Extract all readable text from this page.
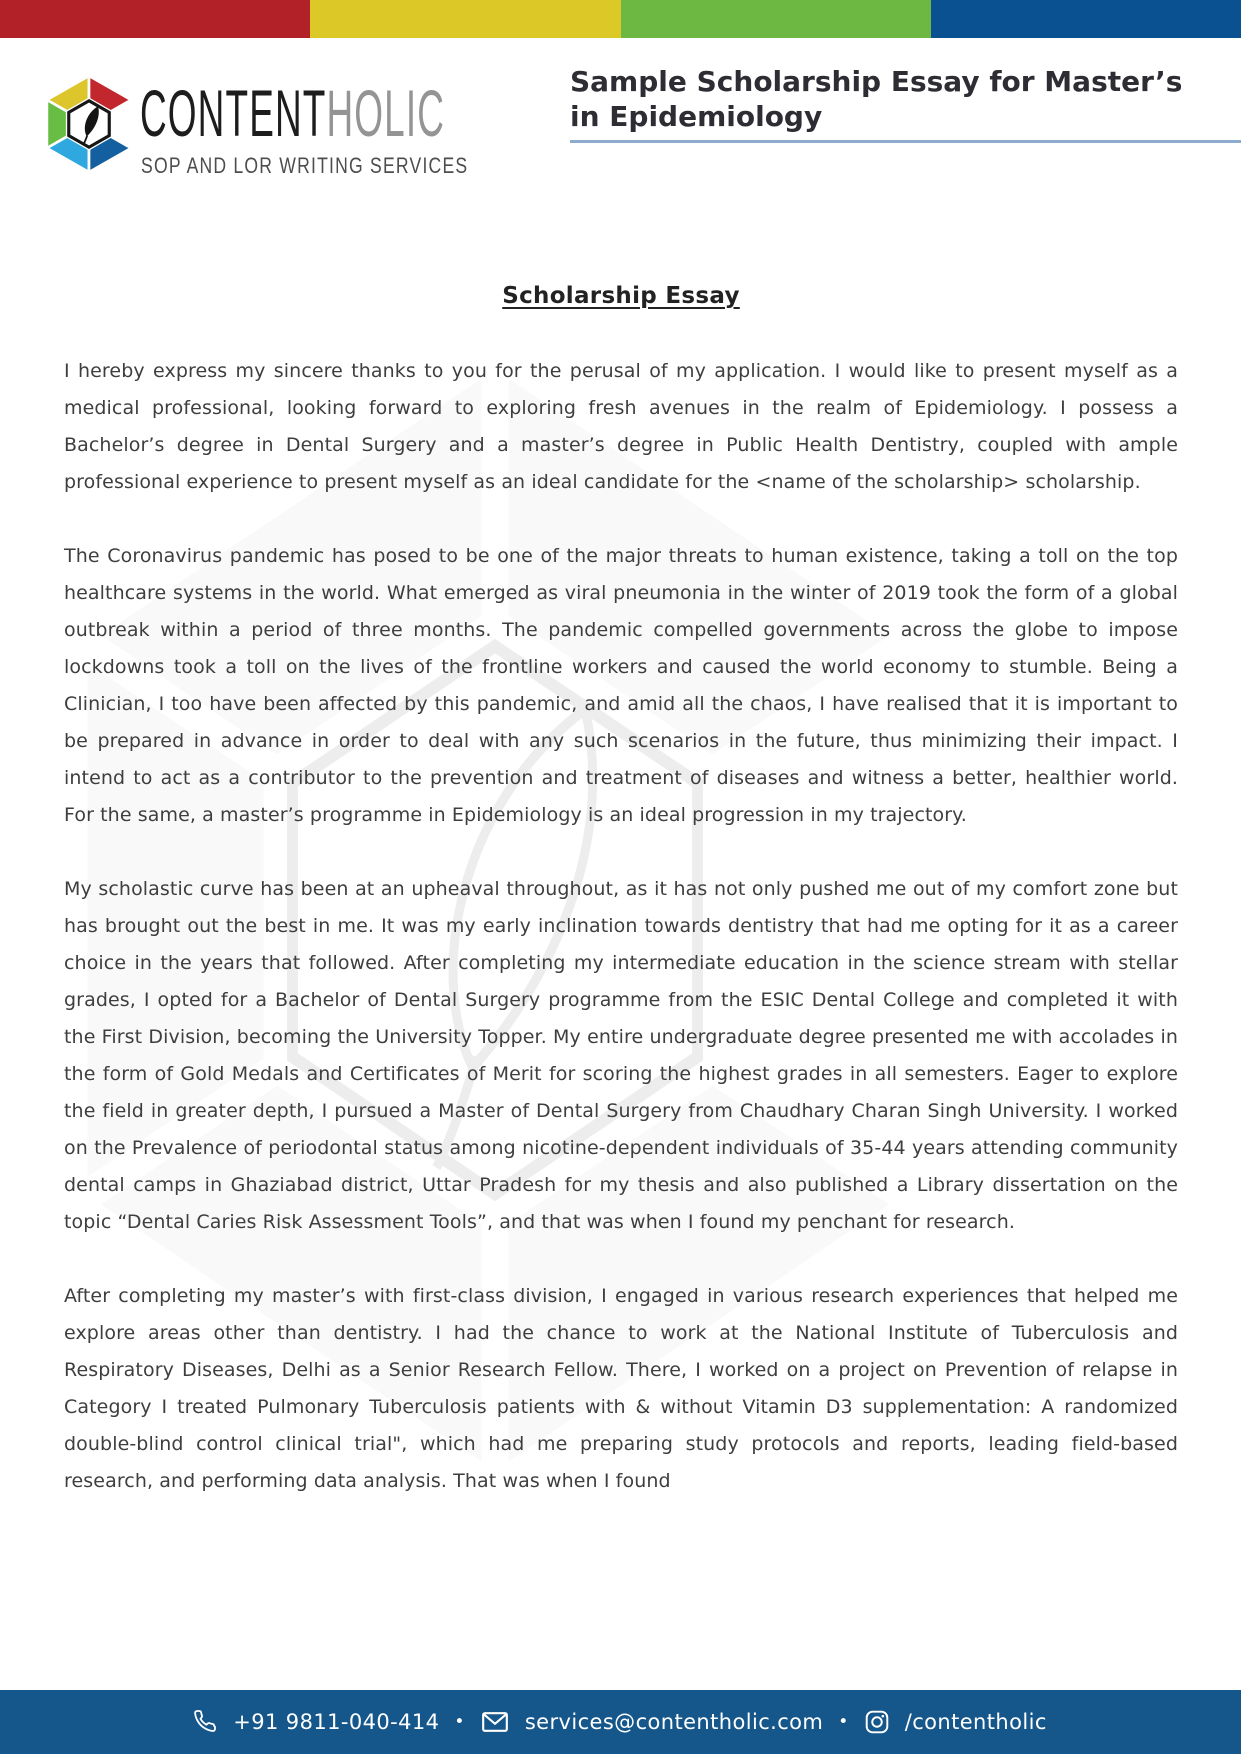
CONTENTHOLIC
SOP AND LOR WRITING SERVICES
Sample Scholarship Essay for Master’s in Epidemiology
Scholarship Essay

I hereby express my sincere thanks to you for the perusal of my application. I would like to present myself as a medical professional, looking forward to exploring fresh avenues in the realm of Epidemiology. I possess a Bachelor’s degree in Dental Surgery and a master’s degree in Public Health Dentistry, coupled with ample professional experience to present myself as an ideal candidate for the <name of the scholarship> scholarship.

The Coronavirus pandemic has posed to be one of the major threats to human existence, taking a toll on the top healthcare systems in the world. What emerged as viral pneumonia in the winter of 2019 took the form of a global outbreak within a period of three months. The pandemic compelled governments across the globe to impose lockdowns took a toll on the lives of the frontline workers and caused the world economy to stumble. Being a Clinician, I too have been affected by this pandemic, and amid all the chaos, I have realised that it is important to be prepared in advance in order to deal with any such scenarios in the future, thus minimizing their impact. I intend to act as a contributor to the prevention and treatment of diseases and witness a better, healthier world. For the same, a master’s programme in Epidemiology is an ideal progression in my trajectory.

My scholastic curve has been at an upheaval throughout, as it has not only pushed me out of my comfort zone but has brought out the best in me. It was my early inclination towards dentistry that had me opting for it as a career choice in the years that followed. After completing my intermediate education in the science stream with stellar grades, I opted for a Bachelor of Dental Surgery programme from the ESIC Dental College and completed it with the First Division, becoming the University Topper. My entire undergraduate degree presented me with accolades in the form of Gold Medals and Certificates of Merit for scoring the highest grades in all semesters. Eager to explore the field in greater depth, I pursued a Master of Dental Surgery from Chaudhary Charan Singh University. I worked on the Prevalence of periodontal status among nicotine-dependent individuals of 35-44 years attending community dental camps in Ghaziabad district, Uttar Pradesh for my thesis and also published a Library dissertation on the topic “Dental Caries Risk Assessment Tools”, and that was when I found my penchant for research.

After completing my master’s with first-class division, I engaged in various research experiences that helped me explore areas other than dentistry. I had the chance to work at the National Institute of Tuberculosis and Respiratory Diseases, Delhi as a Senior Research Fellow. There, I worked on a project on Prevention of relapse in Category I treated Pulmonary Tuberculosis patients with & without Vitamin D3 supplementation: A randomized double-blind control clinical trial", which had me preparing study protocols and reports, leading field-based research, and performing data analysis. That was when I found

+91 9811-040-414 •	services@contentholic.com •	/contentholic
